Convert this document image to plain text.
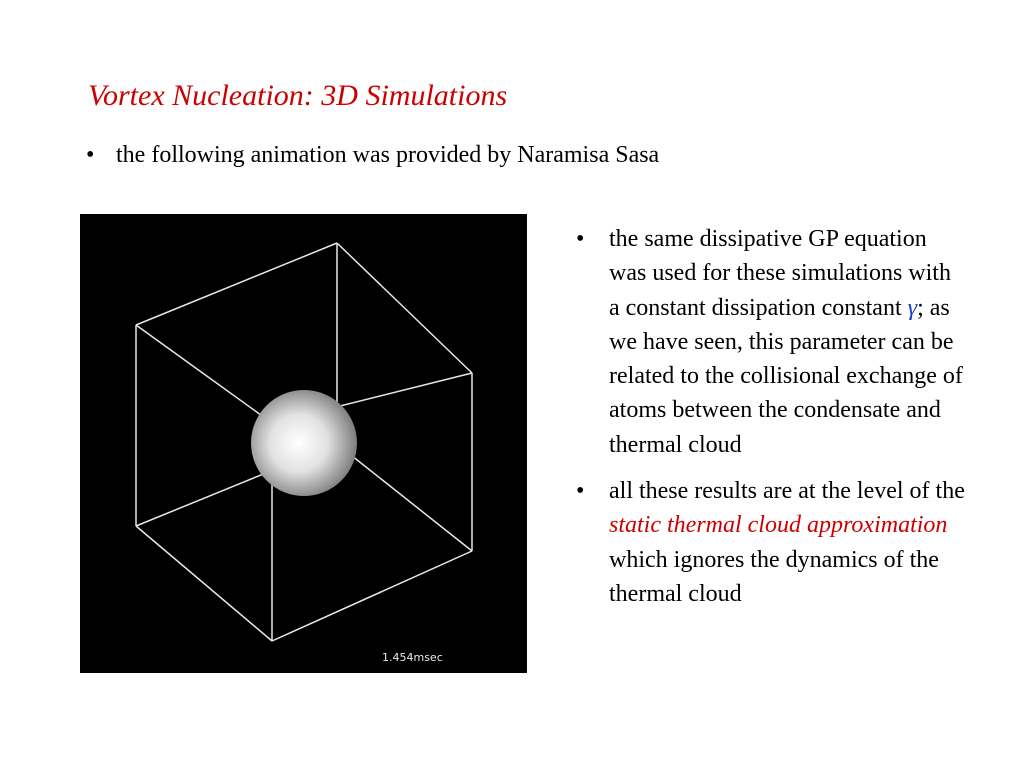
Vortex Nucleation: 3D Simulations
• the following animation was provided by Naramisa Sasa
1.454msec
•	the same dissipative GP equation was used for these simulations with a constant dissipation constant γ; as we have seen, this parameter can be related to the collisional exchange of atoms between the condensate and thermal cloud
•	all these results are at the level of the static thermal cloud approximation which ignores the dynamics of the thermal cloud
